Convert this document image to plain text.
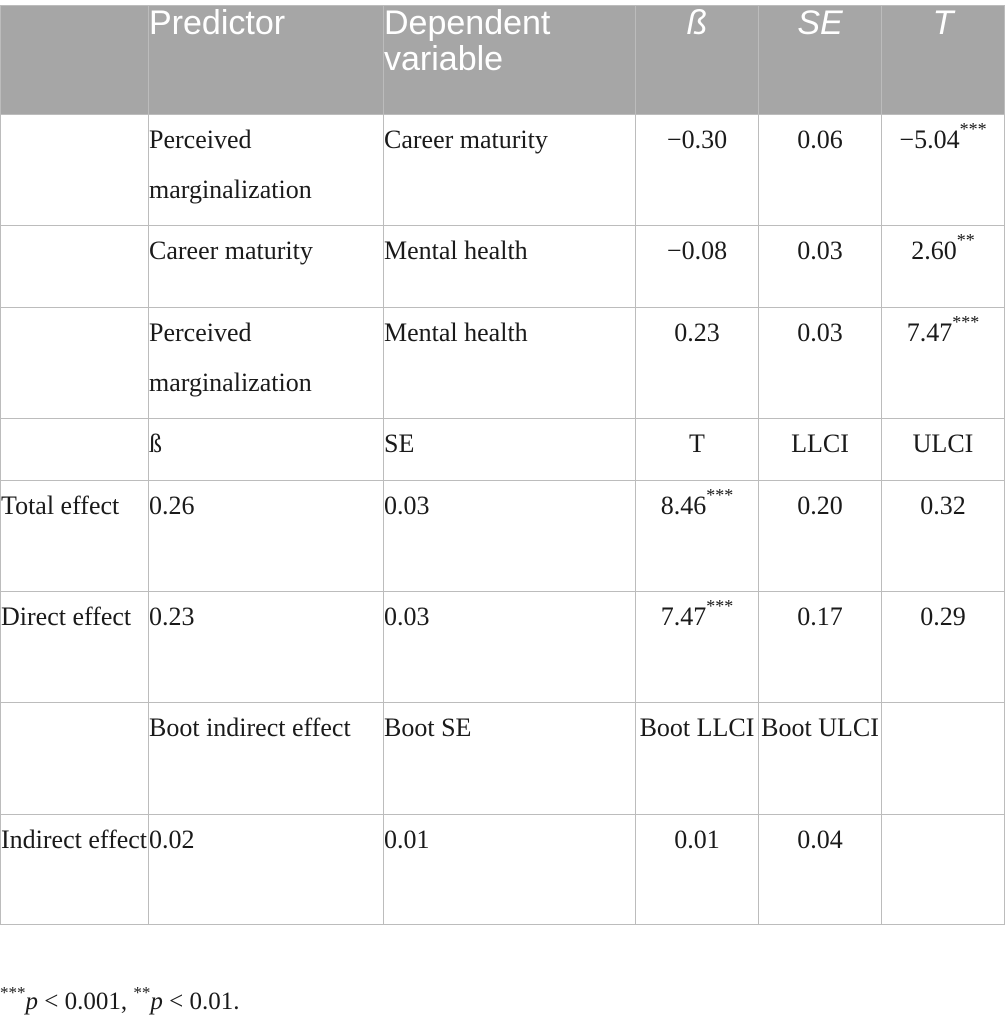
	Predictor	Dependent variable	ß	SE	T
	Perceived marginalization	Career maturity	−0.30	0.06	−5.04***
	Career maturity	Mental health	−0.08	0.03	2.60**
	Perceived marginalization	Mental health	0.23	0.03	7.47***
	ß	SE	T	LLCI	ULCI
Total effect	0.26	0.03	8.46***	0.20	0.32
Direct effect	0.23	0.03	7.47***	0.17	0.29
	Boot indirect effect	Boot SE	Boot LLCI	Boot ULCI	
Indirect effect	0.02	0.01	0.01	0.04	
***p < 0.001, **p < 0.01.
